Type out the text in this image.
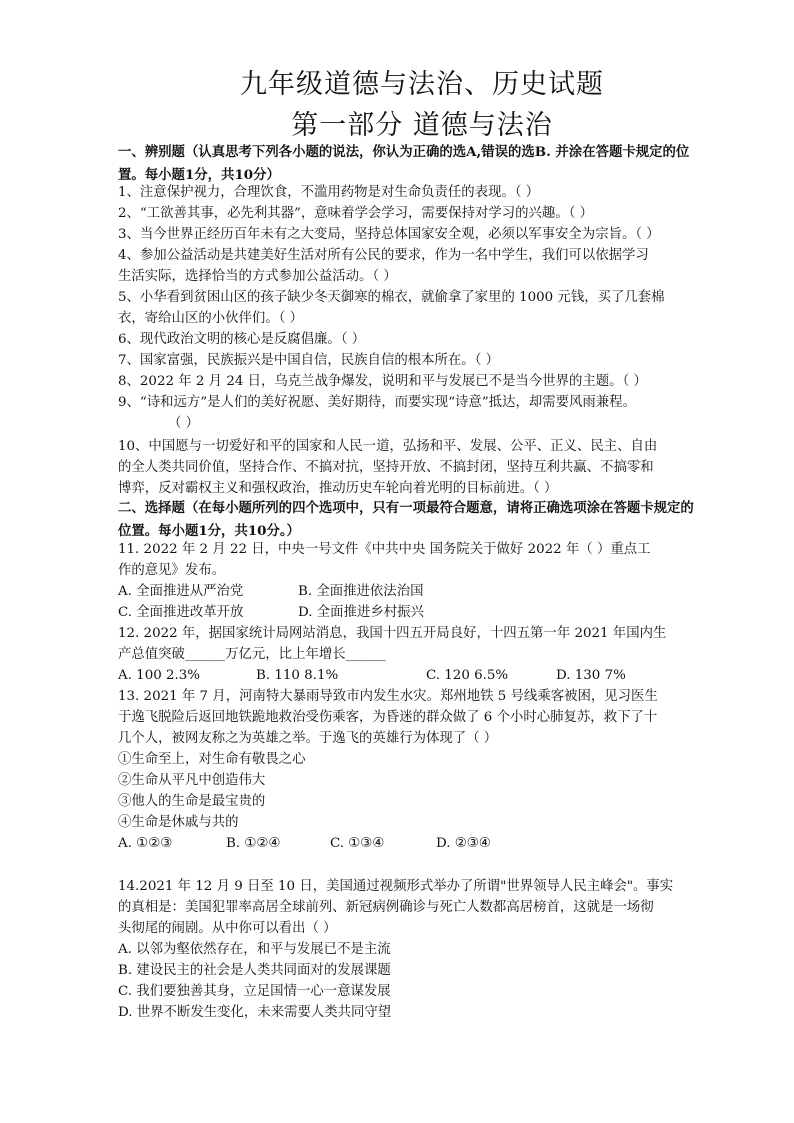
九年级道德与法治、历史试题
第一部分 道德与法治
一、辨别题（认真思考下列各小题的说法，你认为正确的选A,错误的选B. 并涂在答题卡规定的位置。每小题1分，共10分）
1、注意保护视力，合理饮食，不滥用药物是对生命负责任的表现。（ ）
2、“工欲善其事，必先利其器”，意味着学会学习，需要保持对学习的兴趣。（ ）
3、当今世界正经历百年未有之大变局，坚持总体国家安全观，必须以军事安全为宗旨。（ ）
4、参加公益活动是共建美好生活对所有公民的要求，作为一名中学生，我们可以依据学习
生活实际，选择恰当的方式参加公益活动。（ ）
5、小华看到贫困山区的孩子缺少冬天御寒的棉衣，就偷拿了家里的 1000 元钱，买了几套棉
衣，寄给山区的小伙伴们。（ ）
6、现代政治文明的核心是反腐倡廉。（ ）
7、国家富强，民族振兴是中国自信，民族自信的根本所在。（ ）
8、2022 年 2 月 24 日，乌克兰战争爆发，说明和平与发展已不是当今世界的主题。（ ）
9、“诗和远方”是人们的美好祝愿、美好期待，而要实现“诗意”抵达，却需要风雨兼程。
（ ）
10、中国愿与一切爱好和平的国家和人民一道，弘扬和平、发展、公平、正义、民主、自由
的全人类共同价值，坚持合作、不搞对抗，坚持开放、不搞封闭，坚持互利共赢、不搞零和
博弈，反对霸权主义和强权政治，推动历史车轮向着光明的目标前进。（ ）
二、选择题（在每小题所列的四个选项中，只有一项最符合题意，请将正确选项涂在答题卡规定的位置。每小题1分，共10分。）
11. 2022 年 2 月 22 日，中央一号文件《中共中央 国务院关于做好 2022 年（ ）重点工
作的意见》发布。
A. 全面推进从严治党	B. 全面推进依法治国
C. 全面推进改革开放	D. 全面推进乡村振兴
12. 2022 年，据国家统计局网站消息，我国十四五开局良好，十四五第一年 2021 年国内生
产总值突破______万亿元，比上年增长______
A. 100 2.3%	B. 110 8.1%	C. 120 6.5%	D. 130 7%
13. 2021 年 7 月，河南特大暴雨导致市内发生水灾。郑州地铁 5 号线乘客被困，见习医生
于逸飞脱险后返回地铁跪地救治受伤乘客，为昏迷的群众做了 6 个小时心肺复苏，救下了十
几个人，被网友称之为英雄之举。于逸飞的英雄行为体现了（ ）
①生命至上，对生命有敬畏之心
②生命从平凡中创造伟大
③他人的生命是最宝贵的
④生命是休戚与共的
A. ①②③	B. ①②④	C. ①③④	D. ②③④
14.2021 年 12 月 9 日至 10 日，美国通过视频形式举办了所谓"世界领导人民主峰会"。事实
的真相是：美国犯罪率高居全球前列、新冠病例确诊与死亡人数都高居榜首，这就是一场彻
头彻尾的闹剧。从中你可以看出（ ）
A. 以邻为壑依然存在，和平与发展已不是主流
B. 建设民主的社会是人类共同面对的发展课题
C. 我们要独善其身，立足国情一心一意谋发展
D. 世界不断发生变化，未来需要人类共同守望
